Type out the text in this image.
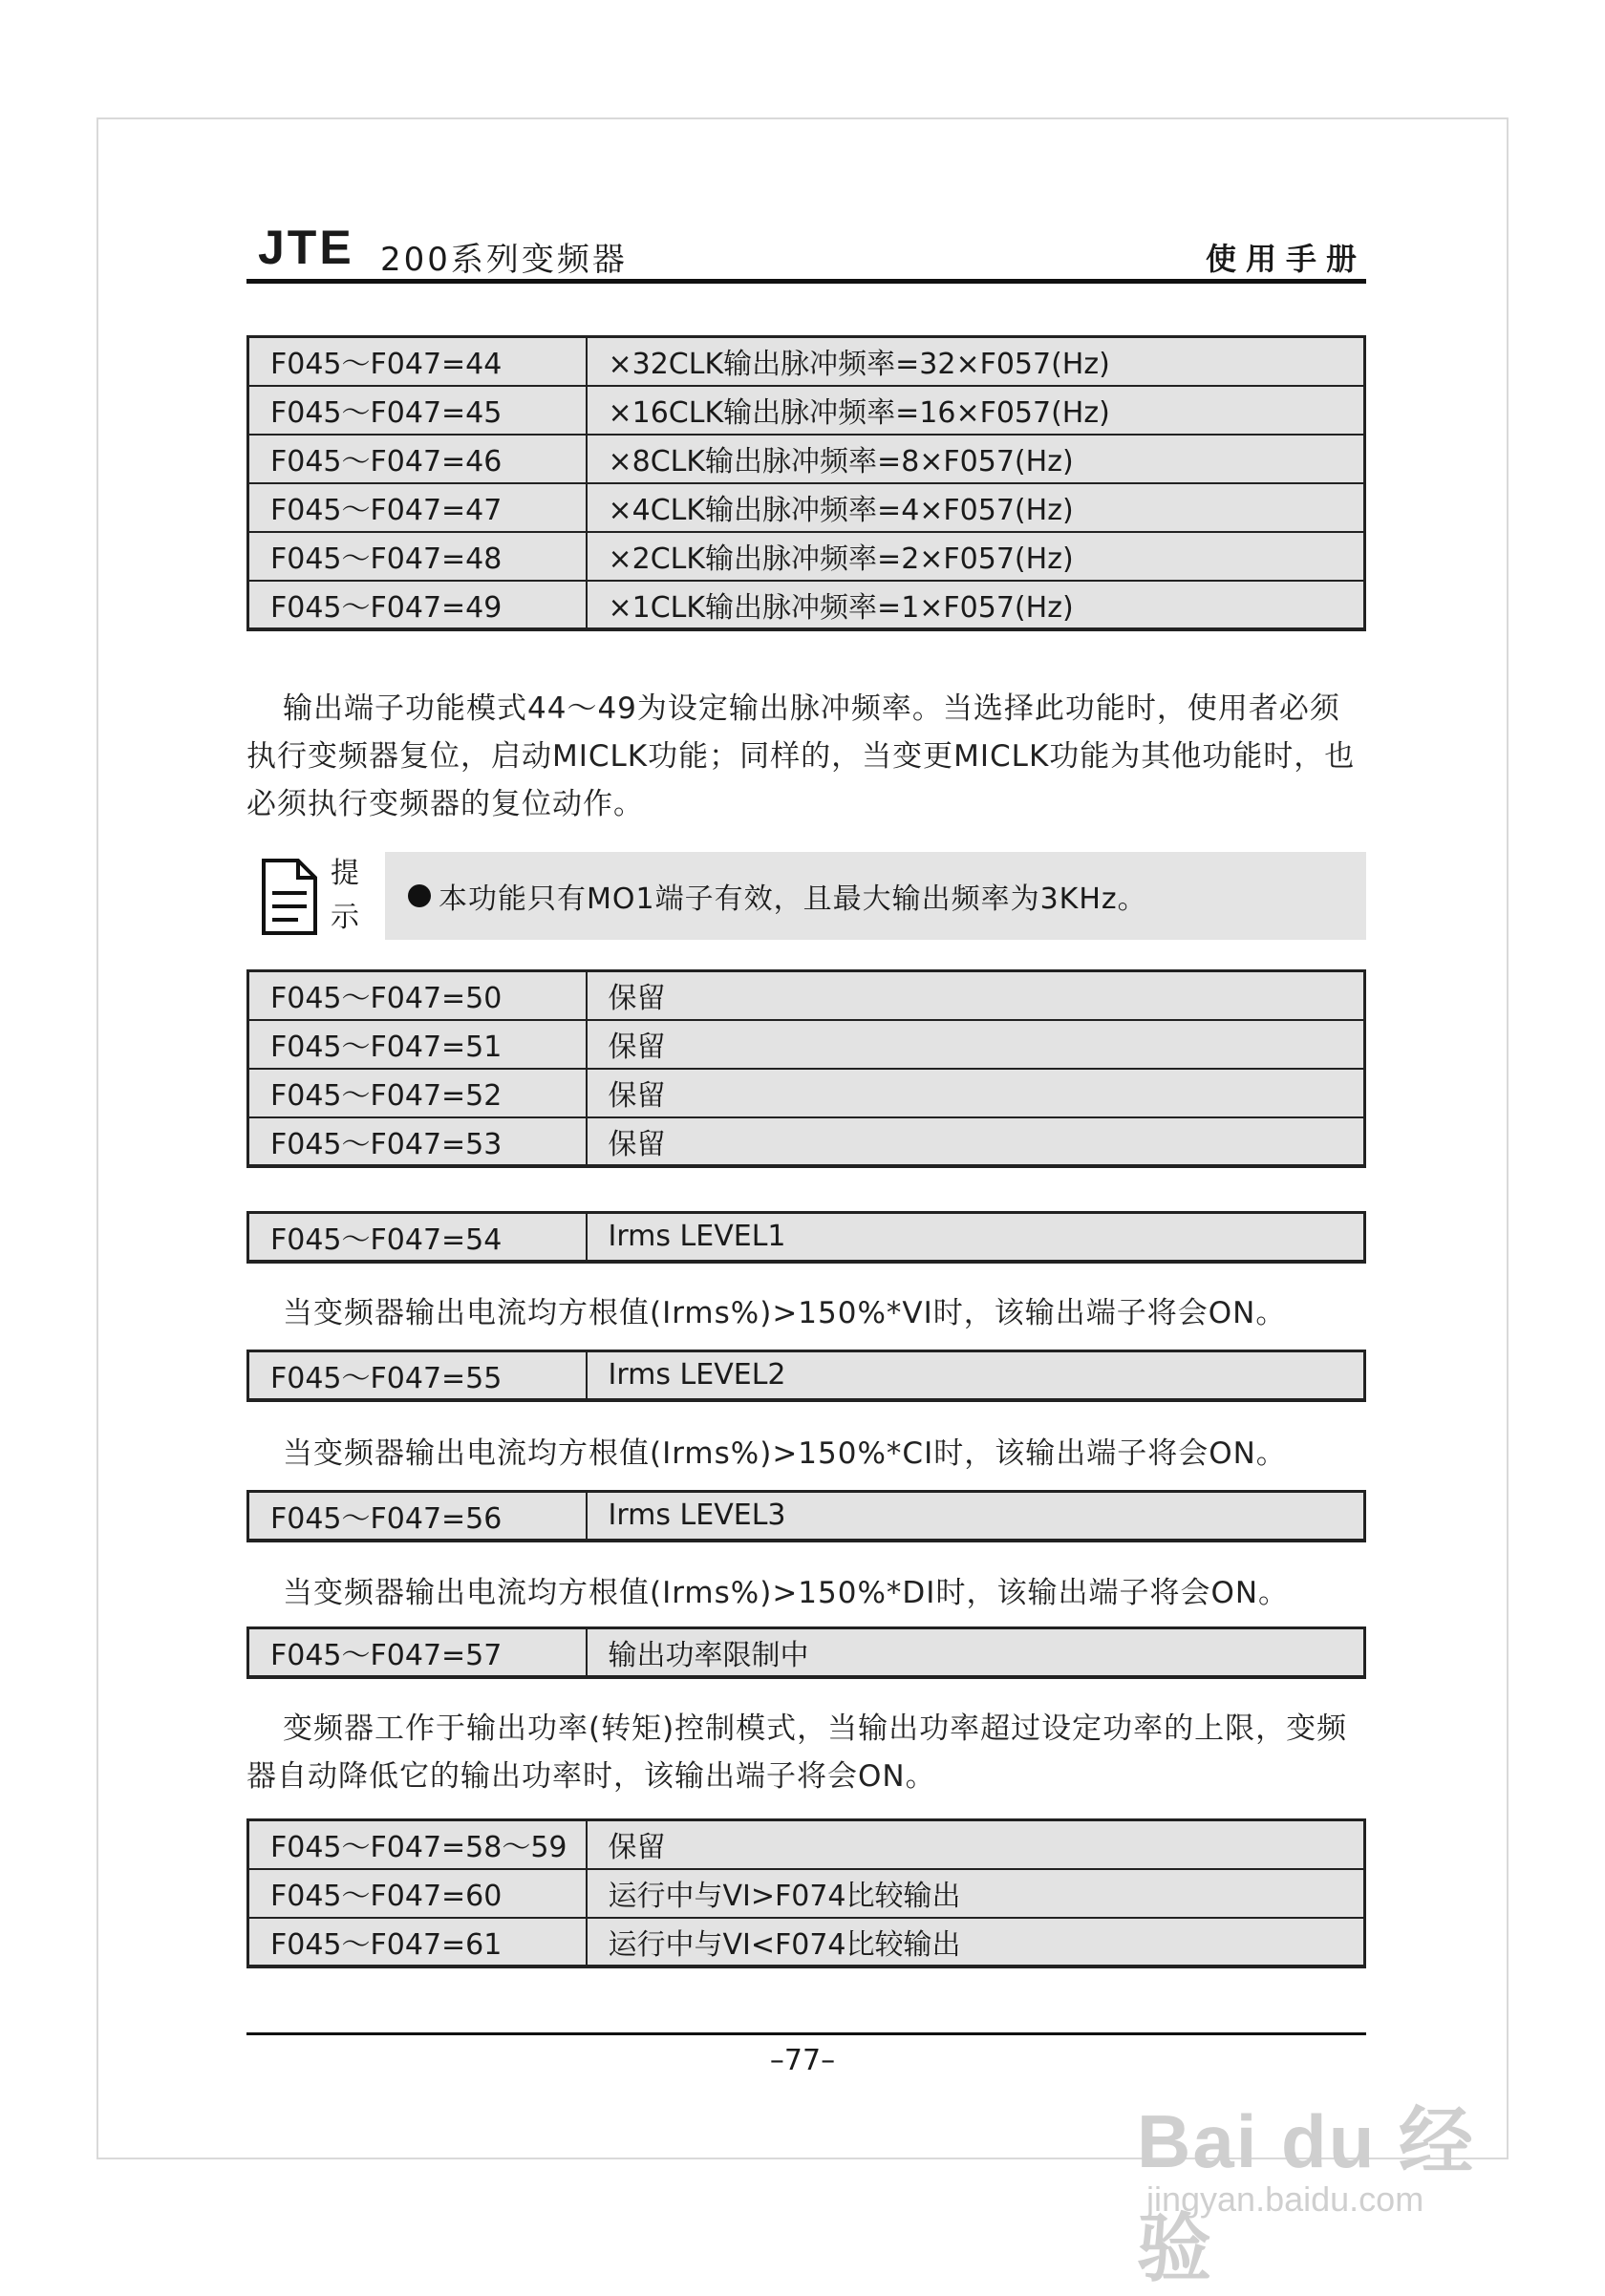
JTE 200系列变频器	使用手册
F045～F047=44	×32CLK输出脉冲频率=32×F057(Hz)
F045～F047=45	×16CLK输出脉冲频率=16×F057(Hz)
F045～F047=46	×8CLK输出脉冲频率=8×F057(Hz)
F045～F047=47	×4CLK输出脉冲频率=4×F057(Hz)
F045～F047=48	×2CLK输出脉冲频率=2×F057(Hz)
F045～F047=49	×1CLK输出脉冲频率=1×F057(Hz)

输出端子功能模式44～49为设定输出脉冲频率。当选择此功能时，使用者必须执行变频器复位，启动MICLK功能；同样的，当变更MICLK功能为其他功能时，也必须执行变频器的复位动作。

提示
本功能只有MO1端子有效，且最大输出频率为3KHz。
F045～F047=50	保留
F045～F047=51	保留
F045～F047=52	保留
F045～F047=53	保留
F045～F047=54	Irms LEVEL1

当变频器输出电流均方根值(Irms%)>150%*VI时，该输出端子将会ON。

F045～F047=55	Irms LEVEL2

当变频器输出电流均方根值(Irms%)>150%*CI时，该输出端子将会ON。

F045～F047=56	Irms LEVEL3

当变频器输出电流均方根值(Irms%)>150%*DI时，该输出端子将会ON。

F045～F047=57	输出功率限制中

变频器工作于输出功率(转矩)控制模式，当输出功率超过设定功率的上限，变频器自动降低它的输出功率时，该输出端子将会ON。

F045～F047=58～59	保留
F045～F047=60	运行中与VI>F074比较输出
F045～F047=61	运行中与VI<F074比较输出
–77–
Bai du 经验
jingyan.baidu.com
